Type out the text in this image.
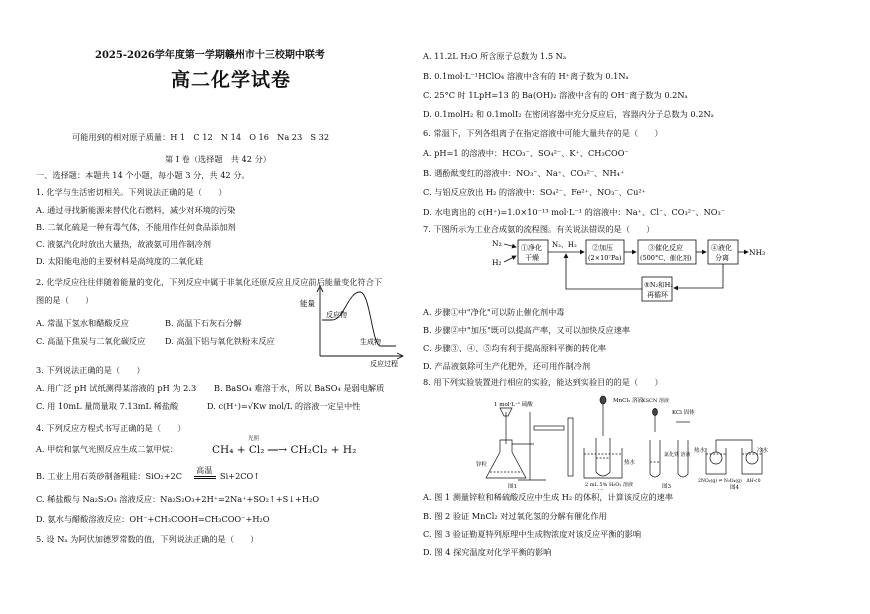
2025-2026学年度第一学期赣州市十三校期中联考
高二化学试卷
可能用到的相对原子质量：H 1　C 12　N 14　O 16　Na 23　S 32
第 Ⅰ 卷（选择题　共 42 分）
一、选择题：本题共 14 个小题，每小题 3 分，共 42 分。
1. 化学与生活密切相关。下列说法正确的是（　　）
A. 通过寻找新能源来替代化石燃料，减少对环境的污染
B. 二氧化硫是一种有毒气体，不能用作任何食品添加剂
C. 液氨汽化时放出大量热，故液氨可用作制冷剂
D. 太阳能电池的主要材料是高纯度的二氧化硅
2. 化学反应往往伴随着能量的变化，下列反应中属于非氧化还原反应且反应前后能量变化符合下
图的是（　　）
A. 常温下氢水和醋酸反应	B. 高温下石灰石分解
C. 高温下焦炭与二氧化碳反应 D. 高温下铝与氧化铁粉末反应
能量
反应物
生成物
反应过程
3. 下列说法正确的是（　　）
A. 用广泛 pH 试纸测得某溶液的 pH 为 2.3 B. BaSO₄ 难溶于水，所以 BaSO₄ 是弱电解质
C. 用 10mL 量筒量取 7.13mL 稀盐酸	D. c(H⁺)=√Kw mol/L 的溶液一定呈中性
4. 下列反应方程式书写正确的是（　　）
A. 甲烷和氯气光照反应生成二氯甲烷：	CH₄ + Cl₂ ⎯⎯→ CH₂Cl₂ + H₂
光照
B. 工业上用石英砂制备粗硅：SiO₂+2C
高温
Si+2CO↑
C. 稀盐酸与 Na₂S₂O₃ 溶液反应：Na₂S₂O₃+2H⁺=2Na⁺+SO₂↑+S↓+H₂O
D. 氨水与醋酸溶液反应：OH⁻+CH₃COOH=CH₃COO⁻+H₂O
5. 设 Nₐ 为阿伏加德罗常数的值，下列说法正确的是（　　）
A. 11.2L H₂O 所含原子总数为 1.5 Nₐ
B. 0.1mol·L⁻¹HClO₄ 溶液中含有的 H⁺离子数为 0.1Nₐ
C. 25°C 时 1LpH=13 的 Ba(OH)₂ 溶液中含有的 OH⁻离子数为 0.2Nₐ
D. 0.1molH₂ 和 0.1molI₂ 在密闭容器中充分反应后，容器内分子总数为 0.2Nₐ
6. 常温下，下列各组离子在指定溶液中可能大量共存的是（　　）
A. pH=1 的溶液中：HCO₃⁻、SO₄²⁻、K⁺、CH₃COO⁻
B. 遇酚酞变红的溶液中：NO₃⁻、Na⁺、CO₃²⁻、NH₄⁺
C. 与铝反应放出 H₂ 的溶液中：SO₄²⁻、Fe²⁺、NO₃⁻、Cu²⁺
D. 水电离出的 c(H⁺)=1.0×10⁻¹³ mol·L⁻¹ 的溶液中：Na⁺、Cl⁻、CO₃²⁻、NO₃⁻
7. 下图所示为工业合成氨的流程图。有关说法错误的是（　　）
N₂
H₂
①净化
干燥
N₂、H₂ ②加压
(2×10⁷Pa)
③催化反应
(500°C、催化剂)
④液化
分离
NH₃
⑤N₂和H₂
再循环
A. 步骤①中"净化"可以防止催化剂中毒
B. 步骤②中"加压"既可以提高产率，又可以加快反应速率
C. 步骤③、④、⑤均有利于提高原料平衡的转化率
D. 产品液氨除可生产化肥外，还可用作制冷剂
8. 用下列实验装置进行相应的实验，能达到实验目的的是（　　）
1 mol·L⁻¹ 硫酸
锌粒
图1
MnCl₂ 溶液
2 mL 5% H₂O₂ 溶液
热水
KSCN 溶液
KCl 固体
氯化铁 溶液
图3
热水	冷水
2NO₂(g) ⇌ N₂O₄(g)　ΔH<0
图4
A. 图 1 测量锌粒和稀硫酸反应中生成 H₂ 的体积，计算该反应的速率
B. 图 2 验证 MnCl₂ 对过氧化氢的分解有催化作用
C. 图 3 验证勒夏特列原理中生成物浓度对该反应平衡的影响
D. 图 4 探究温度对化学平衡的影响
